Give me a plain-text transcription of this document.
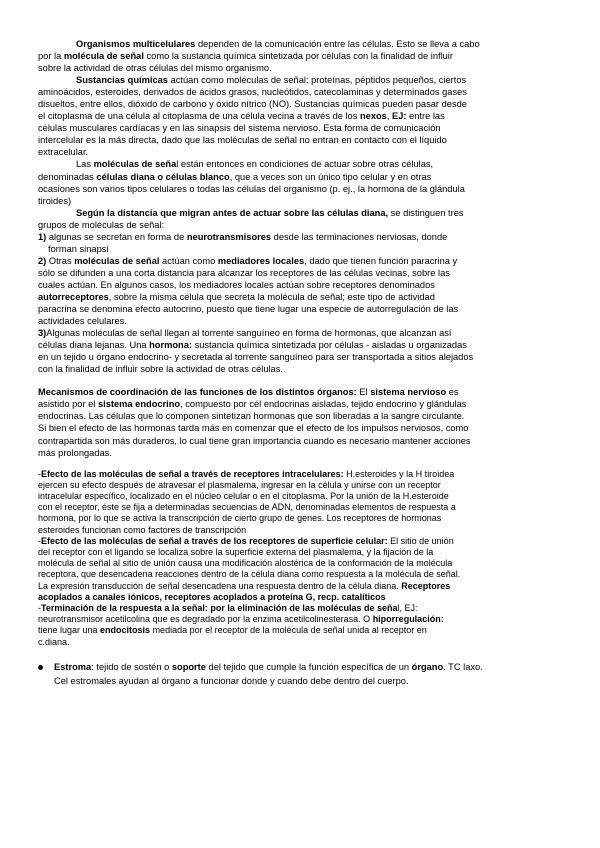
Organismos multicelulares dependen de la comunicación entre las células. Esto se lleva a cabo
por la molécula de señal como la sustancia química sintetizada por células con la finalidad de influir
sobre la actividad de otras células del mismo organismo.

Sustancias químicas actúan como moléculas de señal: proteínas, péptidos pequeños, ciertos
aminoácidos, esteroides, derivados de ácidos grasos, nucleótidos, catecolaminas y determinados gases
disueltos, entre ellos, dióxido de carbono y óxido nítrico (NO). Sustancias químicas pueden pasar desde
el citoplasma de una célula al citoplasma de una célula vecina a través de los nexos, EJ: entre las
células musculares cardíacas y en las sinapsis del sistema nervioso. Esta forma de comunicación
intercelular es la más directa, dado que las moléculas de señal no entran en contacto con el líquido
extracelular.

Las moléculas de señal están entonces en condiciones de actuar sobre otras células,
denominadas células diana o células blanco, que a veces son un único tipo celular y en otras
ocasiones son varios tipos celulares o todas las células del organismo (p. ej., la hormona de la glándula
tiroides)

Según la distancia que migran antes de actuar sobre las células diana, se distinguen tres
grupos de moléculas de señal:
1) algunas se secretan en forma de neurotransmisores desde las terminaciones nerviosas, donde
forman sinapsi
2) Otras moléculas de señal actúan como mediadores locales, dado que tienen función paracrina y
sólo se difunden a una corta distancia para alcanzar los receptores de las células vecinas, sobre las
cuales actúan. En algunos casos, los mediadores locales actúan sobre receptores denominados
autorreceptores, sobre la misma célula que secreta la molécula de señal; este tipo de actividad
paracrina se denomina efecto autocrino, puesto que tiene lugar una especie de autorregulación de las
actividades celulares.
3)Algunas moléculas de señal llegan al torrente sanguíneo en forma de hormonas, que alcanzan así
células diana lejanas. Una hormona: sustancia química sintetizada por células - aisladas u organizadas
en un tejido u órgano endocrino- y secretada al torrente sanguíneo para ser transportada a sitios alejados
con la finalidad de influir sobre la actividad de otras células.

Mecanismos de coordinación de las funciones de los distintos órganos: El sistema nervioso es
asistido por el sistema endocrino, compuesto por cél endocrinas aisladas, tejido endocrino y glándulas
endocrinas. Las células que lo componen sintetizan hormonas que son liberadas a la sangre circulante.
Si bien el efecto de las hormonas tarda más en comenzar que el efecto de los impulsos nerviosos, como
contrapartida son más duraderos, lo cual tiene gran importancia cuando es necesario mantener acciones
más prolongadas.

-Efecto de las moléculas de señal a través de receptores intracelulares: H.esteroides y la H tiroidea
ejercen su efecto después de atravesar el plasmalema, ingresar en la célula y unirse con un receptor
intracelular específico, localizado en el núcleo celular o en el citoplasma. Por la unión de la H.esteroide
con el receptor, éste se fija a determinadas secuencias de ADN, denominadas elementos de respuesta a
hormona, por lo que se activa la transcripción de cierto grupo de genes. Los receptores de hormonas
esteroides funcionan como factores de transcripción
-Efecto de las moléculas de señal a través de los receptores de superficie celular: El sitio de unión
del receptor con el ligando se localiza sobre la superficie externa del plasmalema, y la fijación de la
molécula de señal al sitio de unión causa una modificación alostérica de la conformación de la molécula
receptora, que desencadena reacciones dentro de la célula diana como respuesta a la molécula de señal.
La expresión transducción de señal desencadena una respuesta dentro de la célula diana. Receptores
acoplados a canales iónicos, receptores acoplados a proteína G, recp. catalíticos
-Terminación de la respuesta a la señal: por la eliminación de las moléculas de señal, EJ:
neurotransmisor acetilcolina que es degradado por la enzima acetilcolinesterasa. O hiporregulación:
tiene lugar una endocitosis mediada por el receptor de la molécula de señal unida al receptor en
c.diana.

Estroma: tejido de sostén o soporte del tejido que cumple la función específica de un órgano. TC laxo.
Cel estromales ayudan al órgano a funcionar donde y cuando debe dentro del cuerpo.
